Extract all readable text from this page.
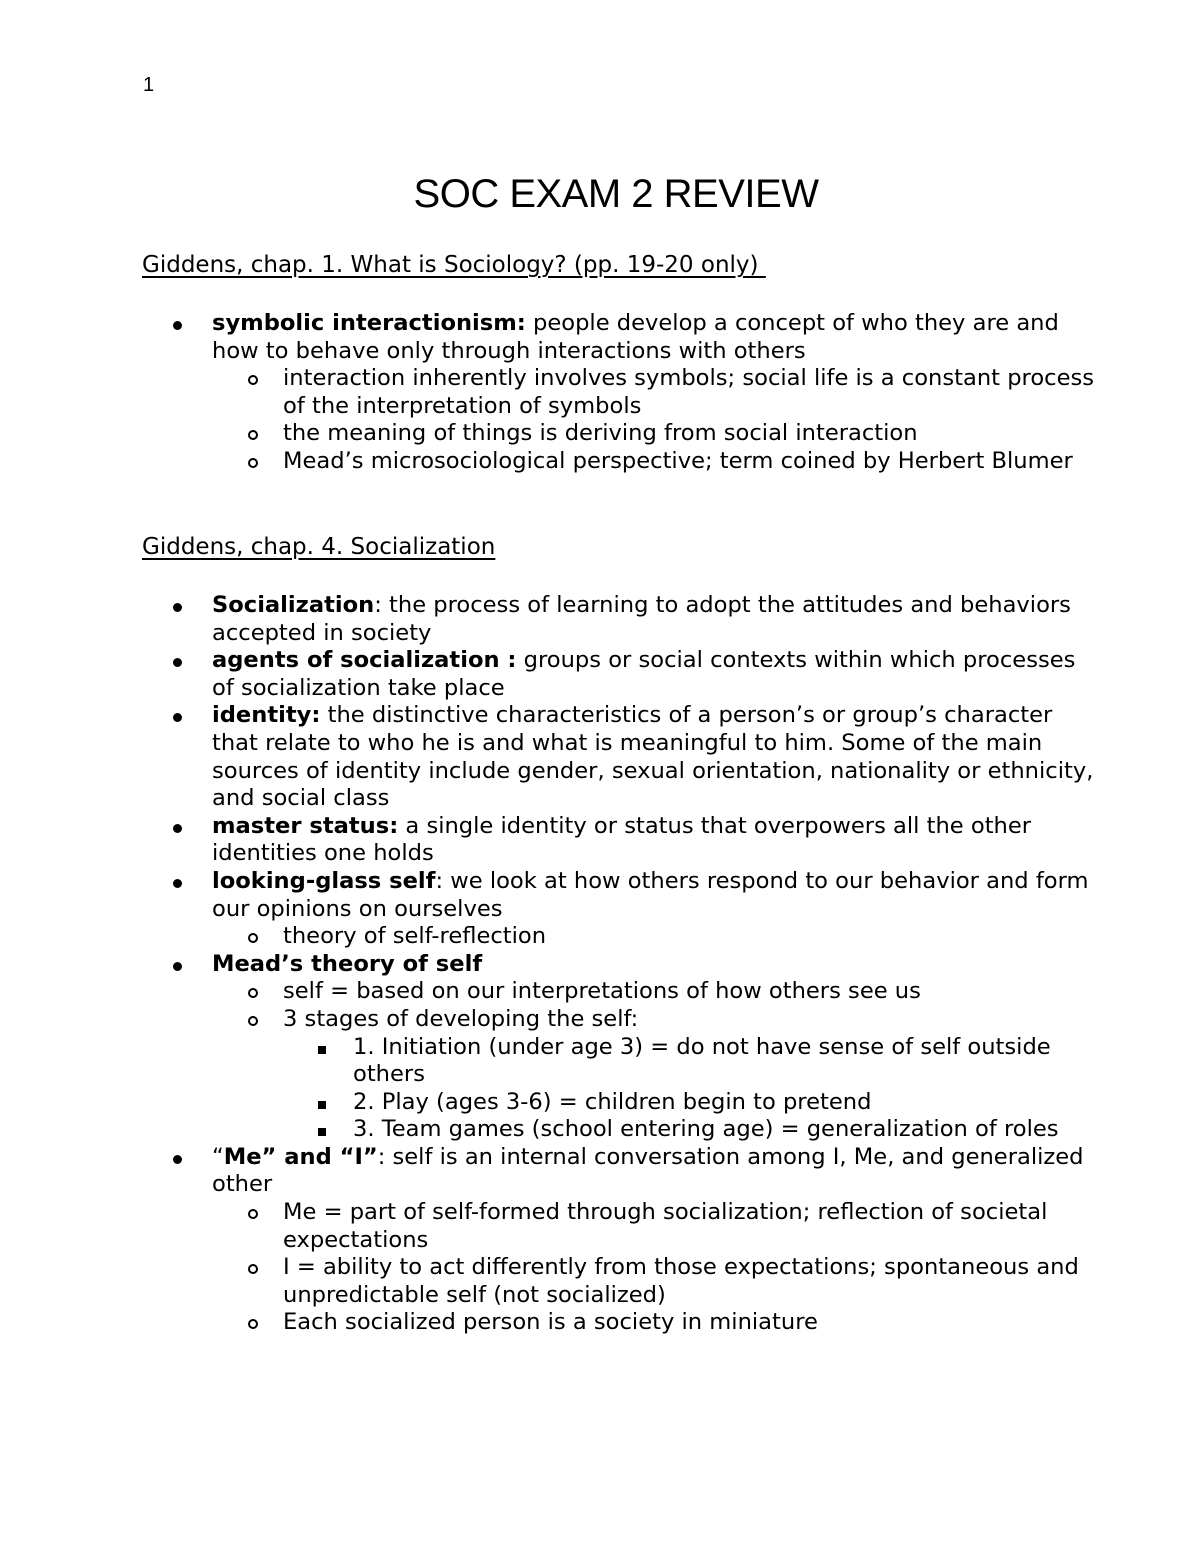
1
SOC EXAM 2 REVIEW
Giddens, chap. 1. What is Sociology? (pp. 19-20 only)
symbolic interactionism: people develop a concept of who they are and how to behave only through interactions with others
interaction inherently involves symbols; social life is a constant process of the interpretation of symbols
the meaning of things is deriving from social interaction
Mead’s microsociological perspective; term coined by Herbert Blumer
Giddens, chap. 4. Socialization
Socialization: the process of learning to adopt the attitudes and behaviors accepted in society
agents of socialization : groups or social contexts within which processes of socialization take place
identity: the distinctive characteristics of a person’s or group’s character that relate to who he is and what is meaningful to him. Some of the main sources of identity include gender, sexual orientation, nationality or ethnicity, and social class
master status: a single identity or status that overpowers all the other identities one holds
looking-glass self: we look at how others respond to our behavior and form our opinions on ourselves
theory of self-reflection
Mead’s theory of self
self = based on our interpretations of how others see us
3 stages of developing the self:
1. Initiation (under age 3) = do not have sense of self outside others
2. Play (ages 3-6) = children begin to pretend
3. Team games (school entering age) = generalization of roles
“Me” and “I”: self is an internal conversation among I, Me, and generalized other
Me = part of self-formed through socialization; reflection of societal expectations
I = ability to act differently from those expectations; spontaneous and unpredictable self (not socialized)
Each socialized person is a society in miniature
